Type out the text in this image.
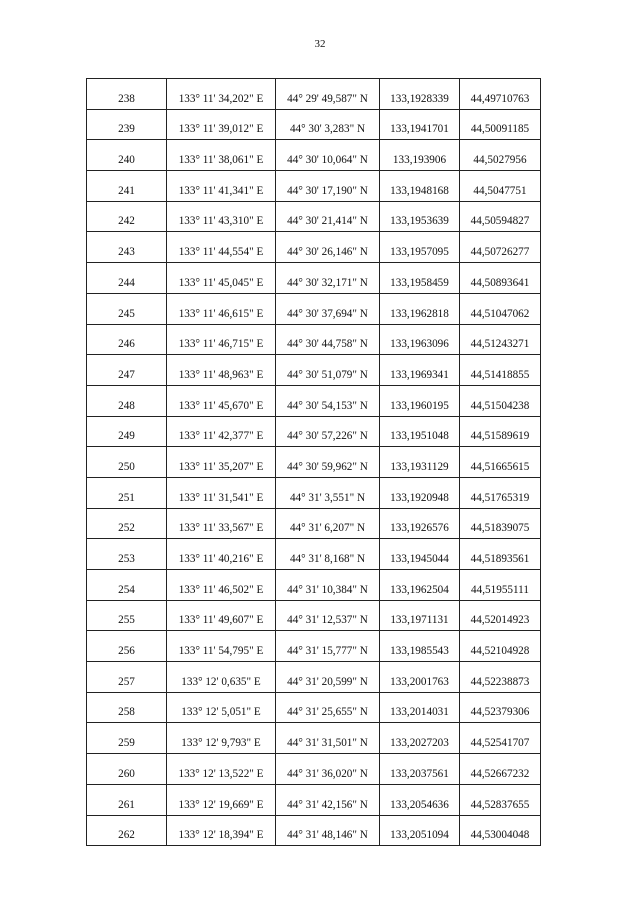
32
238	133° 11' 34,202" E	44° 29' 49,587" N	133,1928339	44,49710763
239	133° 11' 39,012" E	44° 30' 3,283" N	133,1941701	44,50091185
240	133° 11' 38,061" E	44° 30' 10,064" N	133,193906	44,5027956
241	133° 11' 41,341" E	44° 30' 17,190" N	133,1948168	44,5047751
242	133° 11' 43,310" E	44° 30' 21,414" N	133,1953639	44,50594827
243	133° 11' 44,554" E	44° 30' 26,146" N	133,1957095	44,50726277
244	133° 11' 45,045" E	44° 30' 32,171" N	133,1958459	44,50893641
245	133° 11' 46,615" E	44° 30' 37,694" N	133,1962818	44,51047062
246	133° 11' 46,715" E	44° 30' 44,758" N	133,1963096	44,51243271
247	133° 11' 48,963" E	44° 30' 51,079" N	133,1969341	44,51418855
248	133° 11' 45,670" E	44° 30' 54,153" N	133,1960195	44,51504238
249	133° 11' 42,377" E	44° 30' 57,226" N	133,1951048	44,51589619
250	133° 11' 35,207" E	44° 30' 59,962" N	133,1931129	44,51665615
251	133° 11' 31,541" E	44° 31' 3,551" N	133,1920948	44,51765319
252	133° 11' 33,567" E	44° 31' 6,207" N	133,1926576	44,51839075
253	133° 11' 40,216" E	44° 31' 8,168" N	133,1945044	44,51893561
254	133° 11' 46,502" E	44° 31' 10,384" N	133,1962504	44,51955111
255	133° 11' 49,607" E	44° 31' 12,537" N	133,1971131	44,52014923
256	133° 11' 54,795" E	44° 31' 15,777" N	133,1985543	44,52104928
257	133° 12' 0,635" E	44° 31' 20,599" N	133,2001763	44,52238873
258	133° 12' 5,051" E	44° 31' 25,655" N	133,2014031	44,52379306
259	133° 12' 9,793" E	44° 31' 31,501" N	133,2027203	44,52541707
260	133° 12' 13,522" E	44° 31' 36,020" N	133,2037561	44,52667232
261	133° 12' 19,669" E	44° 31' 42,156" N	133,2054636	44,52837655
262	133° 12' 18,394" E	44° 31' 48,146" N	133,2051094	44,53004048
